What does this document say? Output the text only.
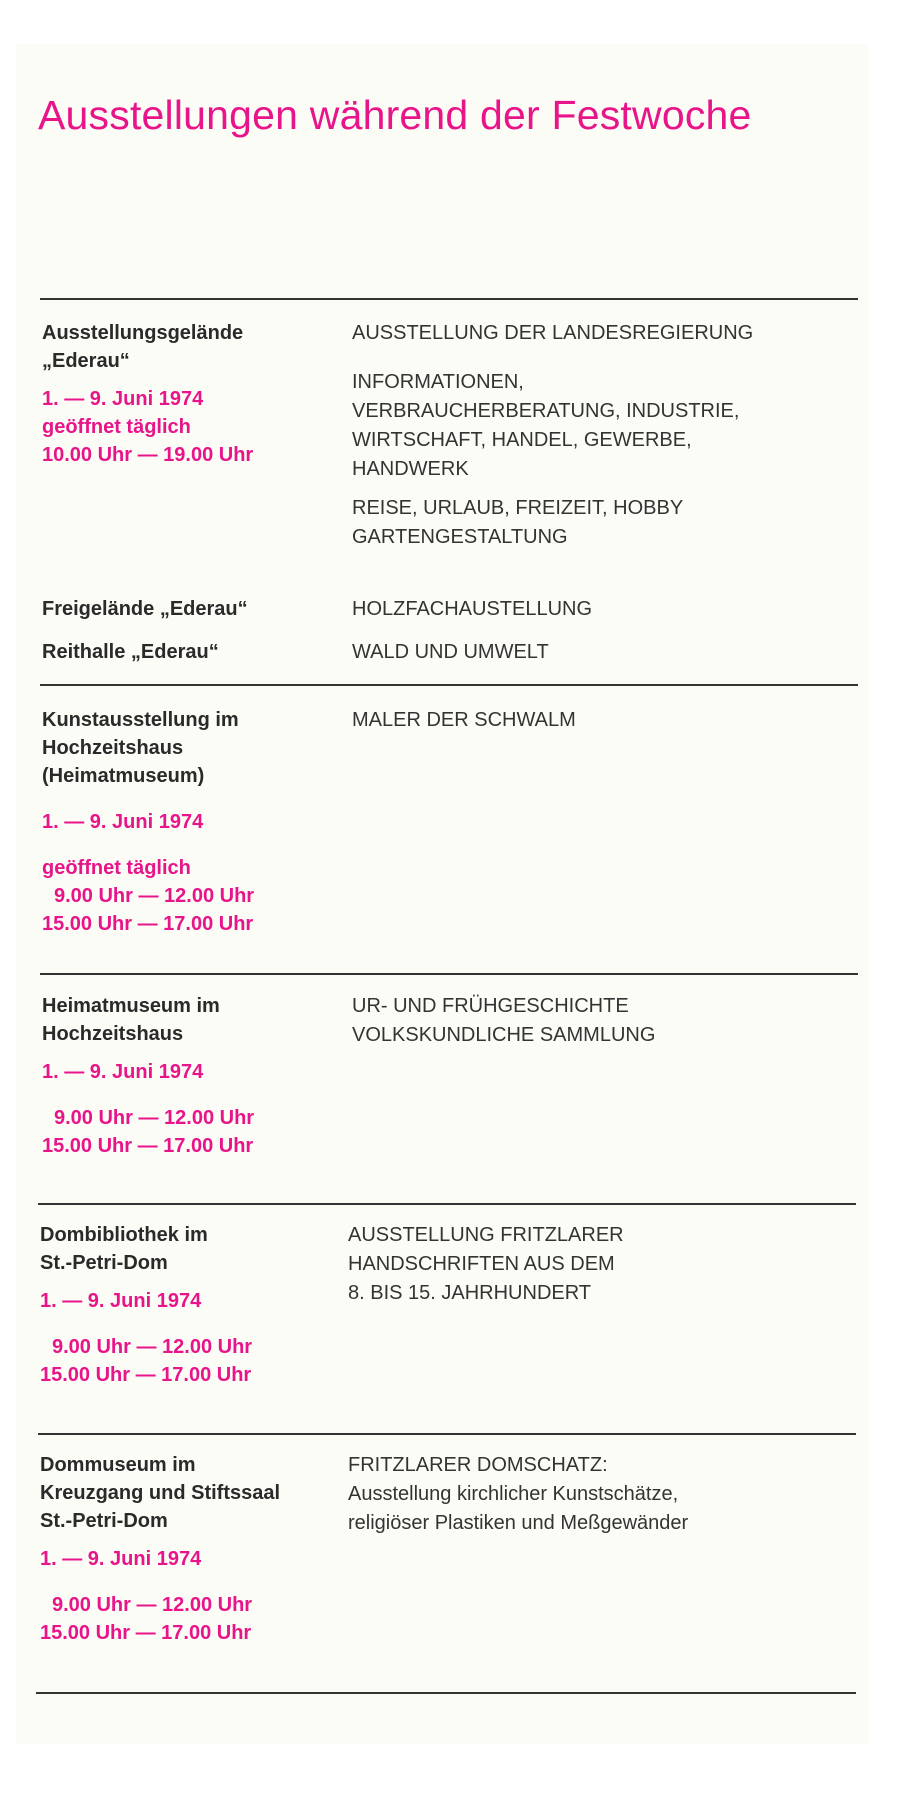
Ausstellungen während der Festwoche

Ausstellungsgelände
„Ederau“

1. — 9. Juni 1974
geöffnet täglich
10.00 Uhr — 19.00 Uhr

Freigelände „Ederau“

Reithalle „Ederau“

AUSSTELLUNG DER LANDESREGIERUNG

INFORMATIONEN,
VERBRAUCHERBERATUNG, INDUSTRIE,
WIRTSCHAFT, HANDEL, GEWERBE,
HANDWERK

REISE, URLAUB, FREIZEIT, HOBBY
GARTENGESTALTUNG

HOLZFACHAUSTELLUNG

WALD UND UMWELT

Kunstausstellung im
Hochzeitshaus
(Heimatmuseum)

1. — 9. Juni 1974

geöffnet täglich
9.00 Uhr — 12.00 Uhr
15.00 Uhr — 17.00 Uhr

MALER DER SCHWALM

Heimatmuseum im
Hochzeitshaus

1. — 9. Juni 1974

9.00 Uhr — 12.00 Uhr
15.00 Uhr — 17.00 Uhr

UR- UND FRÜHGESCHICHTE
VOLKSKUNDLICHE SAMMLUNG

Dombibliothek im
St.-Petri-Dom

1. — 9. Juni 1974

9.00 Uhr — 12.00 Uhr
15.00 Uhr — 17.00 Uhr

AUSSTELLUNG FRITZLARER
HANDSCHRIFTEN AUS DEM
8. BIS 15. JAHRHUNDERT

Dommuseum im
Kreuzgang und Stiftssaal
St.-Petri-Dom

1. — 9. Juni 1974

9.00 Uhr — 12.00 Uhr
15.00 Uhr — 17.00 Uhr

FRITZLARER DOMSCHATZ:
Ausstellung kirchlicher Kunstschätze,
religiöser Plastiken und Meßgewänder
